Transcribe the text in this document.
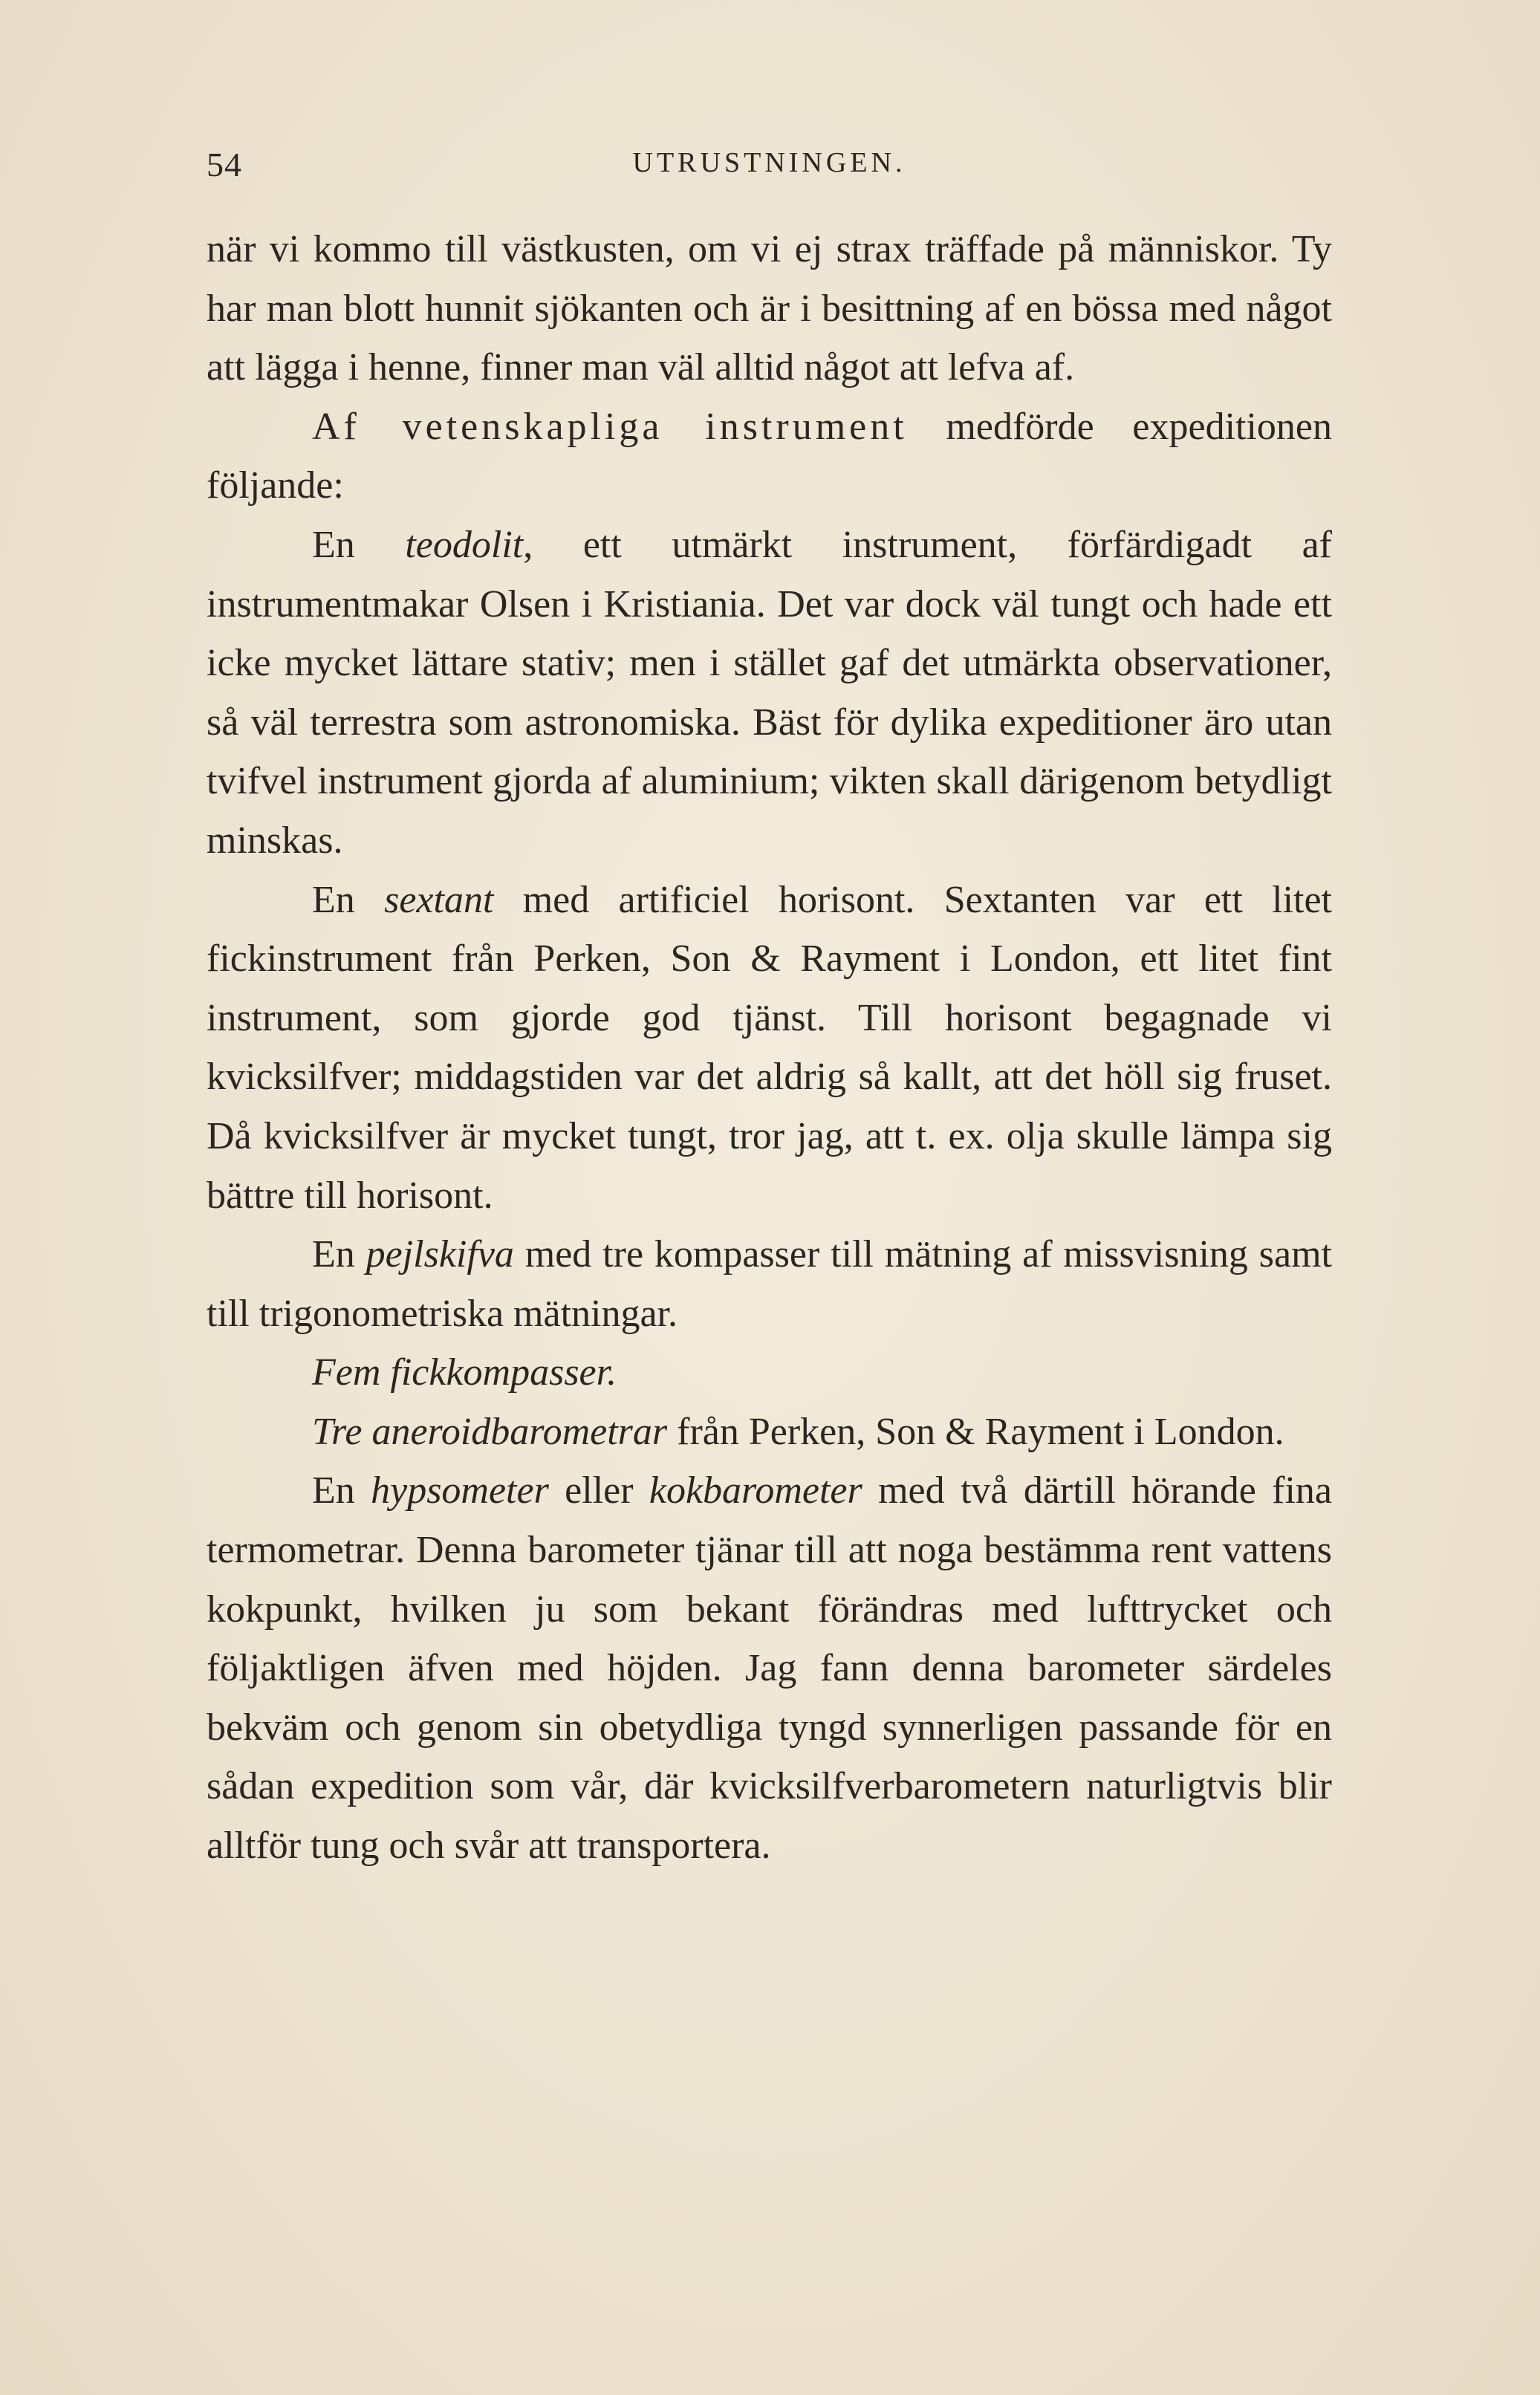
54	UTRUSTNINGEN.

när vi kommo till västkusten, om vi ej strax träffade på människor. Ty har man blott hunnit sjökanten och är i besittning af en bössa med något att lägga i henne, finner man väl alltid något att lefva af.

Af vetenskapliga instrument medförde expeditionen följande:

En teodolit, ett utmärkt instrument, förfärdigadt af instrumentmakar Olsen i Kristiania. Det var dock väl tungt och hade ett icke mycket lättare stativ; men i stället gaf det utmärkta observationer, så väl terrestra som astronomiska. Bäst för dylika expeditioner äro utan tvifvel instrument gjorda af aluminium; vikten skall därigenom betydligt minskas.

En sextant med artificiel horisont. Sextanten var ett litet fickinstrument från Perken, Son & Rayment i London, ett litet fint instrument, som gjorde god tjänst. Till horisont begagnade vi kvicksilfver; middagstiden var det aldrig så kallt, att det höll sig fruset. Då kvicksilfver är mycket tungt, tror jag, att t. ex. olja skulle lämpa sig bättre till horisont.

En pejlskifva med tre kompasser till mätning af missvisning samt till trigonometriska mätningar.

Fem fickkompasser.

Tre aneroidbarometrar från Perken, Son & Rayment i London.

En hypsometer eller kokbarometer med två därtill hörande fina termometrar. Denna barometer tjänar till att noga bestämma rent vattens kokpunkt, hvilken ju som bekant förändras med lufttrycket och följaktligen äfven med höjden. Jag fann denna barometer särdeles bekväm och genom sin obetydliga tyngd synnerligen passande för en sådan expedition som vår, där kvicksilfverbarometern naturligtvis blir alltför tung och svår att transportera.
